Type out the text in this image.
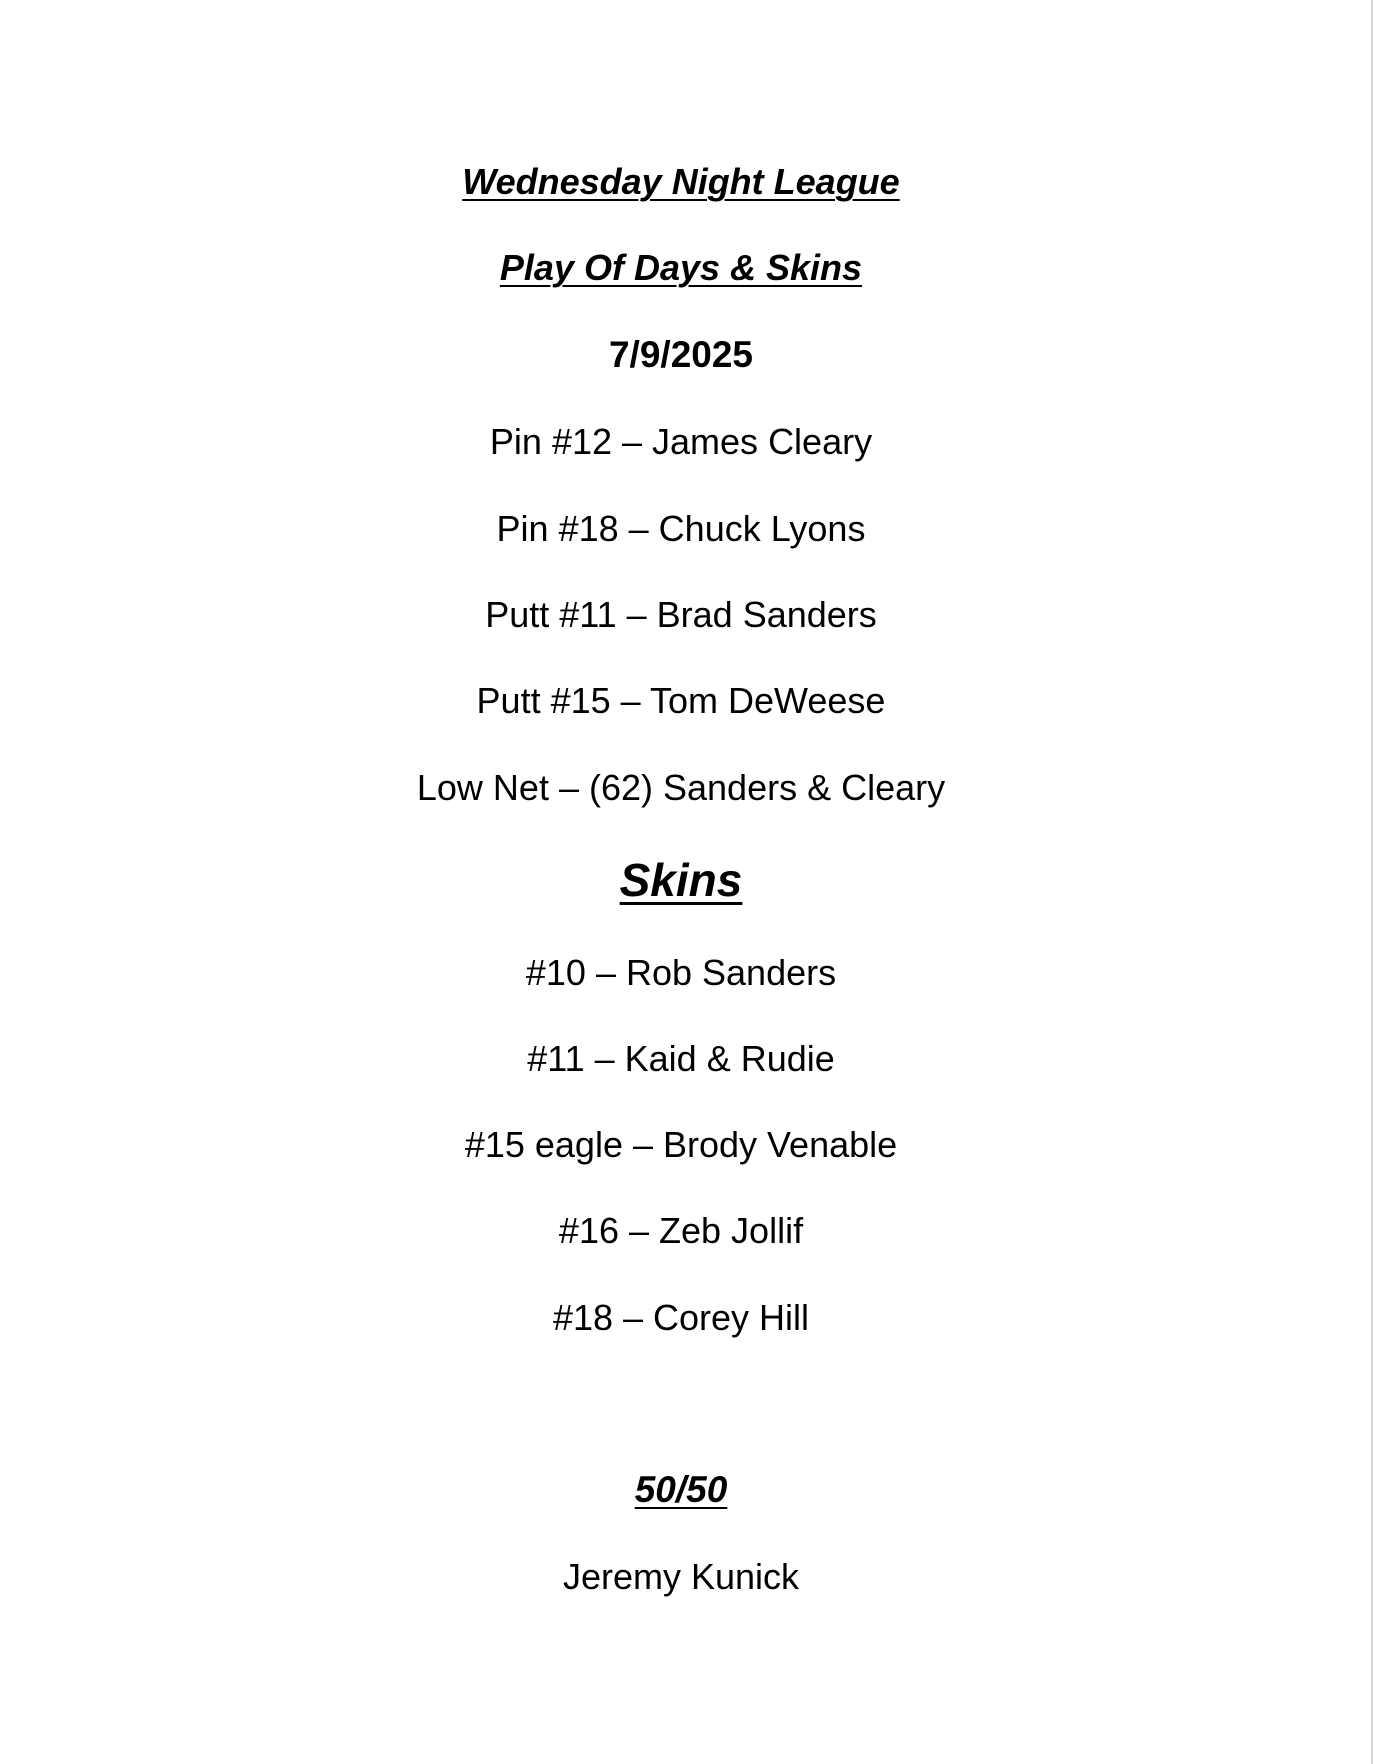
Wednesday Night League
Play Of Days & Skins
7/9/2025
Pin #12 – James Cleary
Pin #18 – Chuck Lyons
Putt #11 – Brad Sanders
Putt #15 – Tom DeWeese
Low Net – (62) Sanders & Cleary
Skins
#10 – Rob Sanders
#11 – Kaid & Rudie
#15 eagle – Brody Venable
#16 – Zeb Jollif
#18 – Corey Hill
50/50
Jeremy Kunick
